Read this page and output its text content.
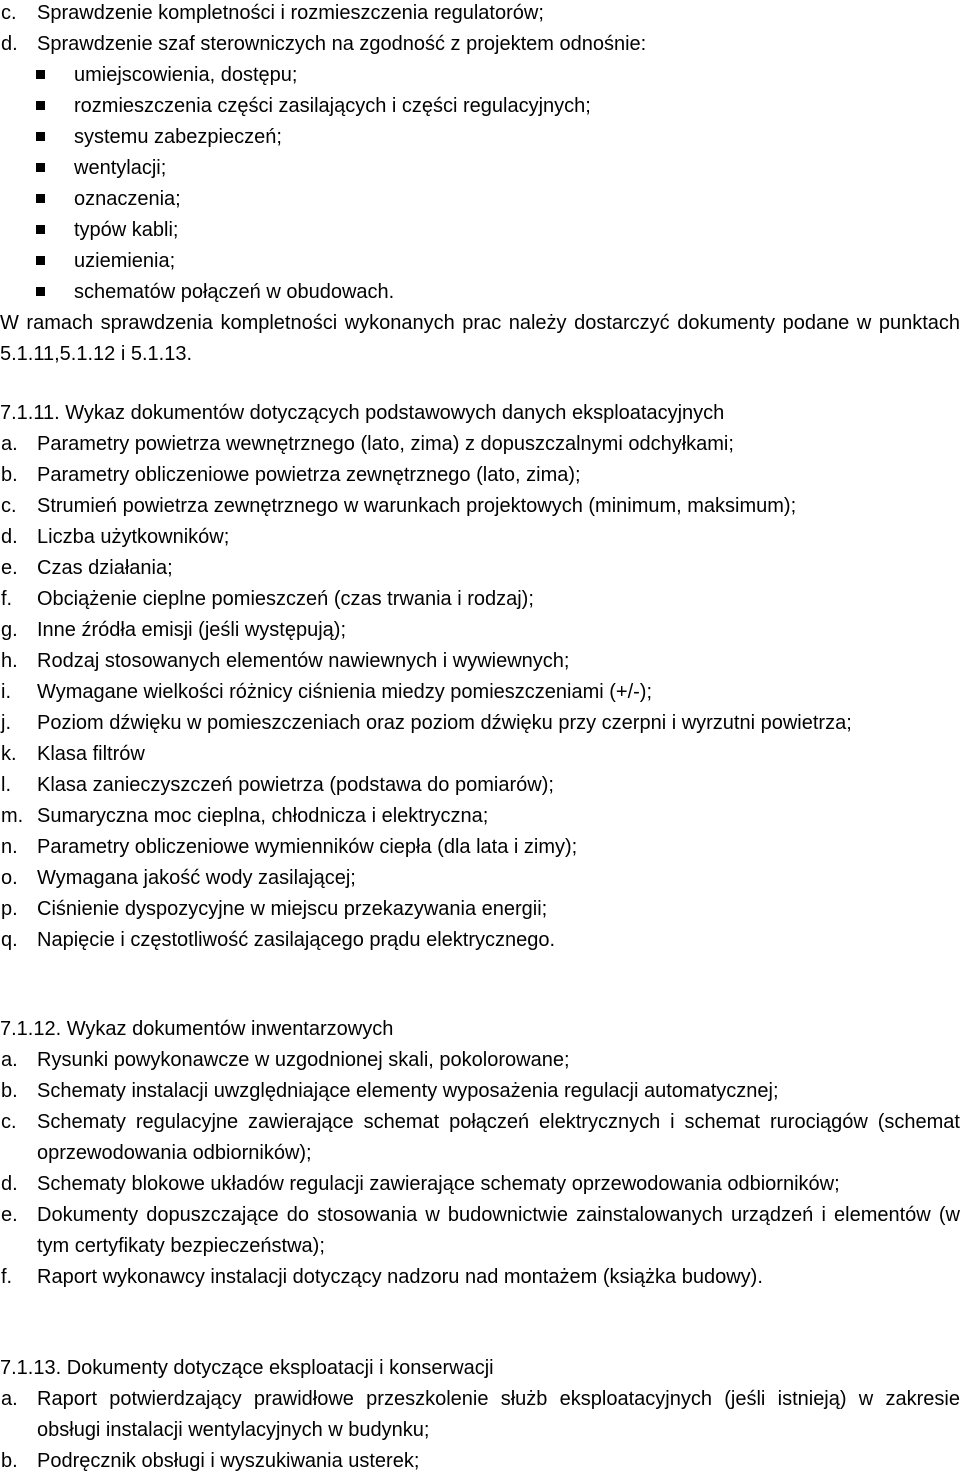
c.	Sprawdzenie kompletności i rozmieszczenia regulatorów;
d. Sprawdzenie szaf sterowniczych na zgodność z projektem odnośnie:
umiejscowienia, dostępu;
rozmieszczenia części zasilających i części regulacyjnych;
systemu zabezpieczeń;
wentylacji;
oznaczenia;
typów kabli;
uziemienia;
schematów połączeń w obudowach.
W ramach sprawdzenia kompletności wykonanych prac należy dostarczyć dokumenty podane w punktach 5.1.11,5.1.12 i 5.1.13.
7.1.11. Wykaz dokumentów dotyczących podstawowych danych eksploatacyjnych
a. Parametry powietrza wewnętrznego (lato, zima) z dopuszczalnymi odchyłkami;
b. Parametry obliczeniowe powietrza zewnętrznego (lato, zima);
c.	Strumień powietrza zewnętrznego w warunkach projektowych (minimum, maksimum);
d. Liczba użytkowników;
e. Czas działania;
f.	Obciążenie cieplne pomieszczeń (czas trwania i rodzaj);
g. Inne źródła emisji (jeśli występują);
h. Rodzaj stosowanych elementów nawiewnych i wywiewnych;
i.	Wymagane wielkości różnicy ciśnienia miedzy pomieszczeniami (+/-);
j.	Poziom dźwięku w pomieszczeniach oraz poziom dźwięku przy czerpni i wyrzutni powietrza;
k.	Klasa filtrów
l.	Klasa zanieczyszczeń powietrza (podstawa do pomiarów);
m. Sumaryczna moc cieplna, chłodnicza i elektryczna;
n. Parametry obliczeniowe wymienników ciepła (dla lata i zimy);
o. Wymagana jakość wody zasilającej;
p. Ciśnienie dyspozycyjne w miejscu przekazywania energii;
q. Napięcie i częstotliwość zasilającego prądu elektrycznego.
7.1.12. Wykaz dokumentów inwentarzowych
a. Rysunki powykonawcze w uzgodnionej skali, pokolorowane;
b. Schematy instalacji uwzględniające elementy wyposażenia regulacji automatycznej;
c.	Schematy regulacyjne zawierające schemat połączeń elektrycznych i schemat rurociągów (schemat oprzewodowania odbiorników);
d. Schematy blokowe układów regulacji zawierające schematy oprzewodowania odbiorników;
e. Dokumenty dopuszczające do stosowania w budownictwie zainstalowanych urządzeń i elementów (w tym certyfikaty bezpieczeństwa);
f.	Raport wykonawcy instalacji dotyczący nadzoru nad montażem (książka budowy).
7.1.13. Dokumenty dotyczące eksploatacji i konserwacji
a. Raport potwierdzający prawidłowe przeszkolenie służb eksploatacyjnych (jeśli istnieją) w zakresie obsługi instalacji wentylacyjnych w budynku;
b. Podręcznik obsługi i wyszukiwania usterek;
